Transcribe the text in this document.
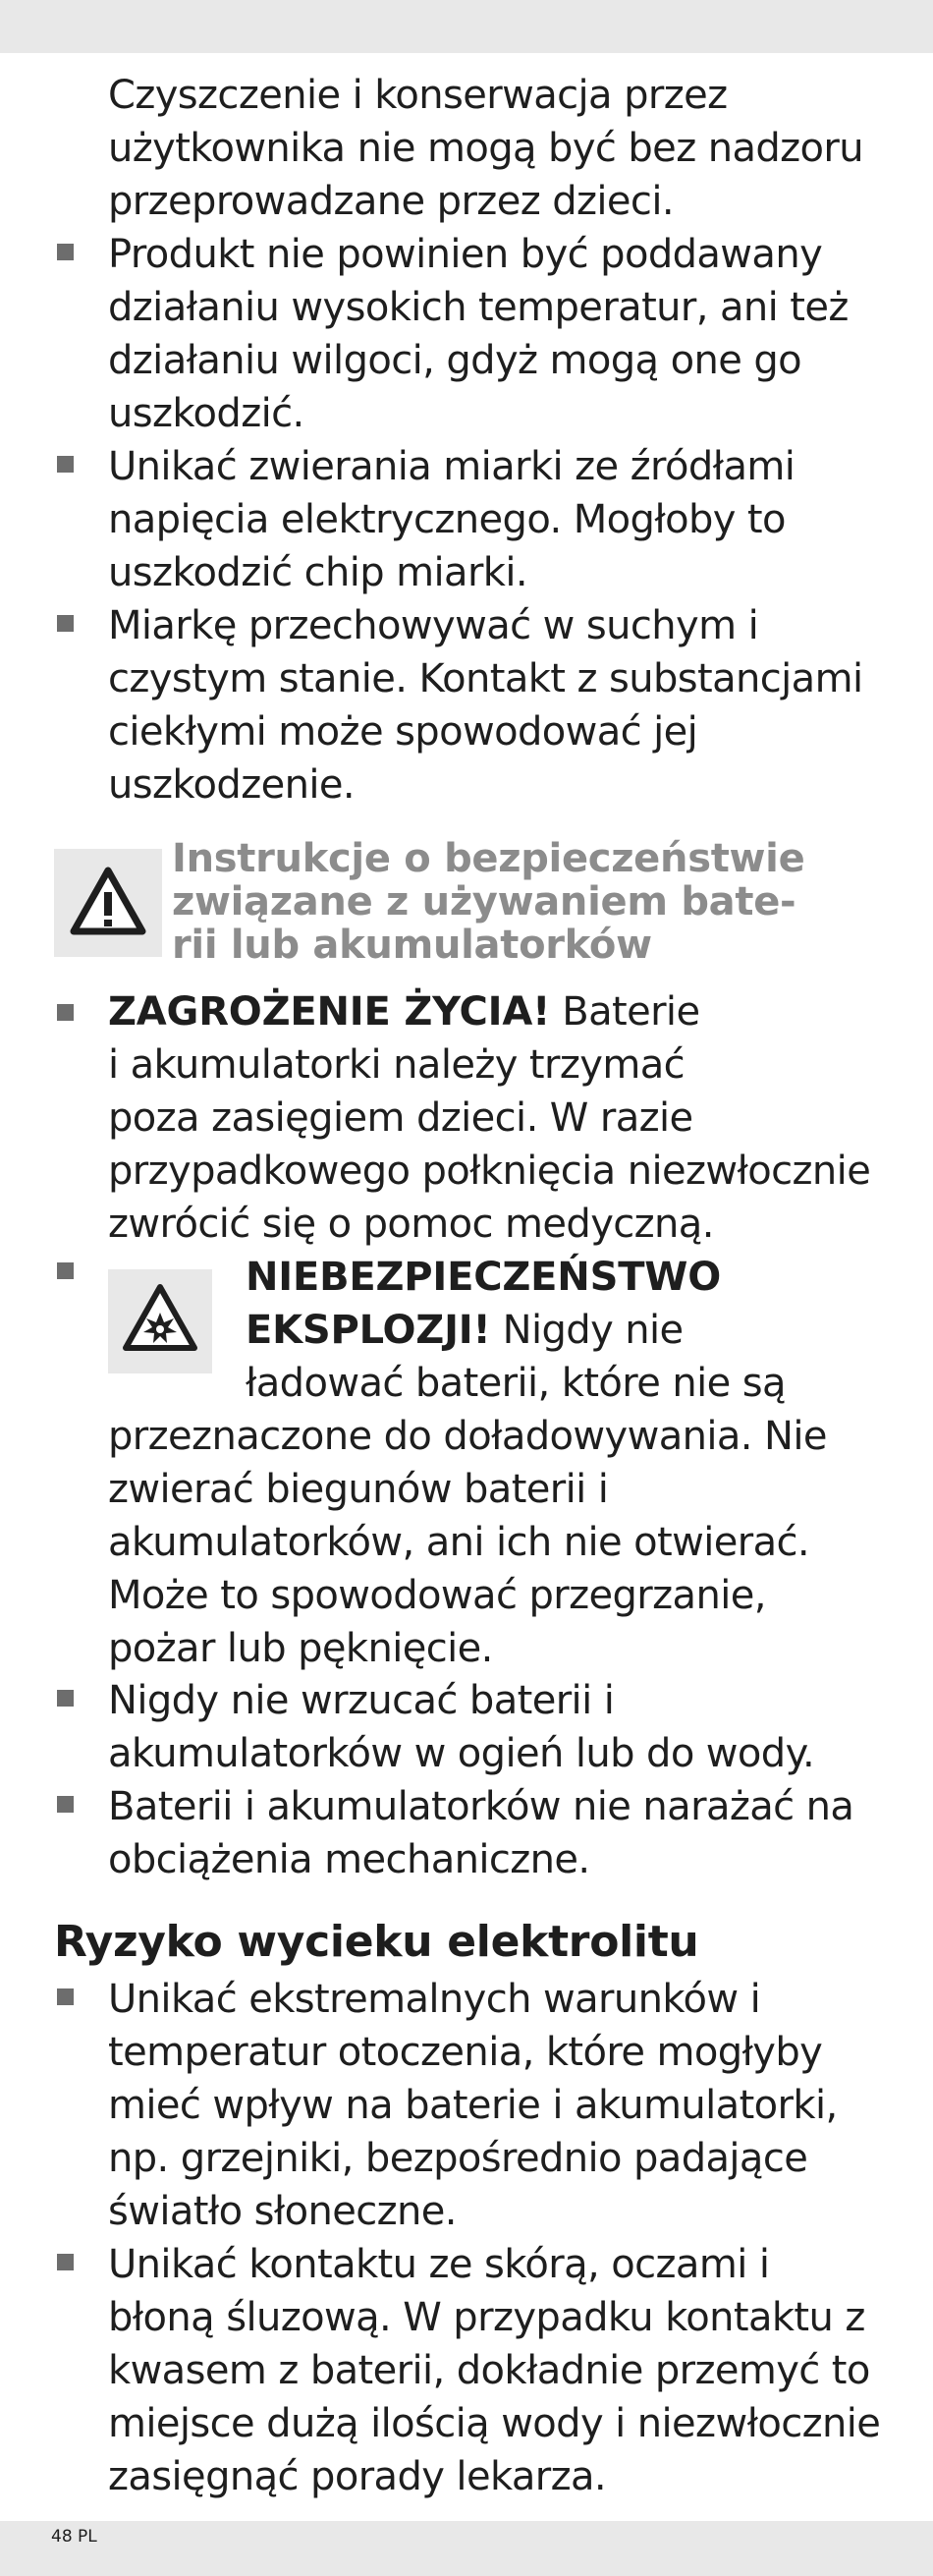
Czyszczenie i konserwacja przez
użytkownika nie mogą być bez nadzoru
przeprowadzane przez dzieci.
Produkt nie powinien być poddawany
działaniu wysokich temperatur, ani też
działaniu wilgoci, gdyż mogą one go
uszkodzić.
Unikać zwierania miarki ze źródłami
napięcia elektrycznego. Mogłoby to
uszkodzić chip miarki.
Miarkę przechowywać w suchym i
czystym stanie. Kontakt z substancjami
ciekłymi może spowodować jej
uszkodzenie.
Instrukcje o bezpieczeństwie
związane z używaniem bate-
rii lub akumulatorków
ZAGROŻENIE ŻYCIA! Baterie
i akumulatorki należy trzymać
poza zasięgiem dzieci. W razie
przypadkowego połknięcia niezwłocznie
zwrócić się o pomoc medyczną.
NIEBEZPIECZEŃSTWO
EKSPLOZJI! Nigdy nie
ładować baterii, które nie są
przeznaczone do doładowywania. Nie
zwierać biegunów baterii i
akumulatorków, ani ich nie otwierać.
Może to spowodować przegrzanie,
pożar lub pęknięcie.
Nigdy nie wrzucać baterii i
akumulatorków w ogień lub do wody.
Baterii i akumulatorków nie narażać na
obciążenia mechaniczne.
Ryzyko wycieku elektrolitu
Unikać ekstremalnych warunków i
temperatur otoczenia, które mogłyby
mieć wpływ na baterie i akumulatorki,
np. grzejniki, bezpośrednio padające
światło słoneczne.
Unikać kontaktu ze skórą, oczami i
błoną śluzową. W przypadku kontaktu z
kwasem z baterii, dokładnie przemyć to
miejsce dużą ilością wody i niezwłocznie
zasięgnąć porady lekarza.
48 PL
